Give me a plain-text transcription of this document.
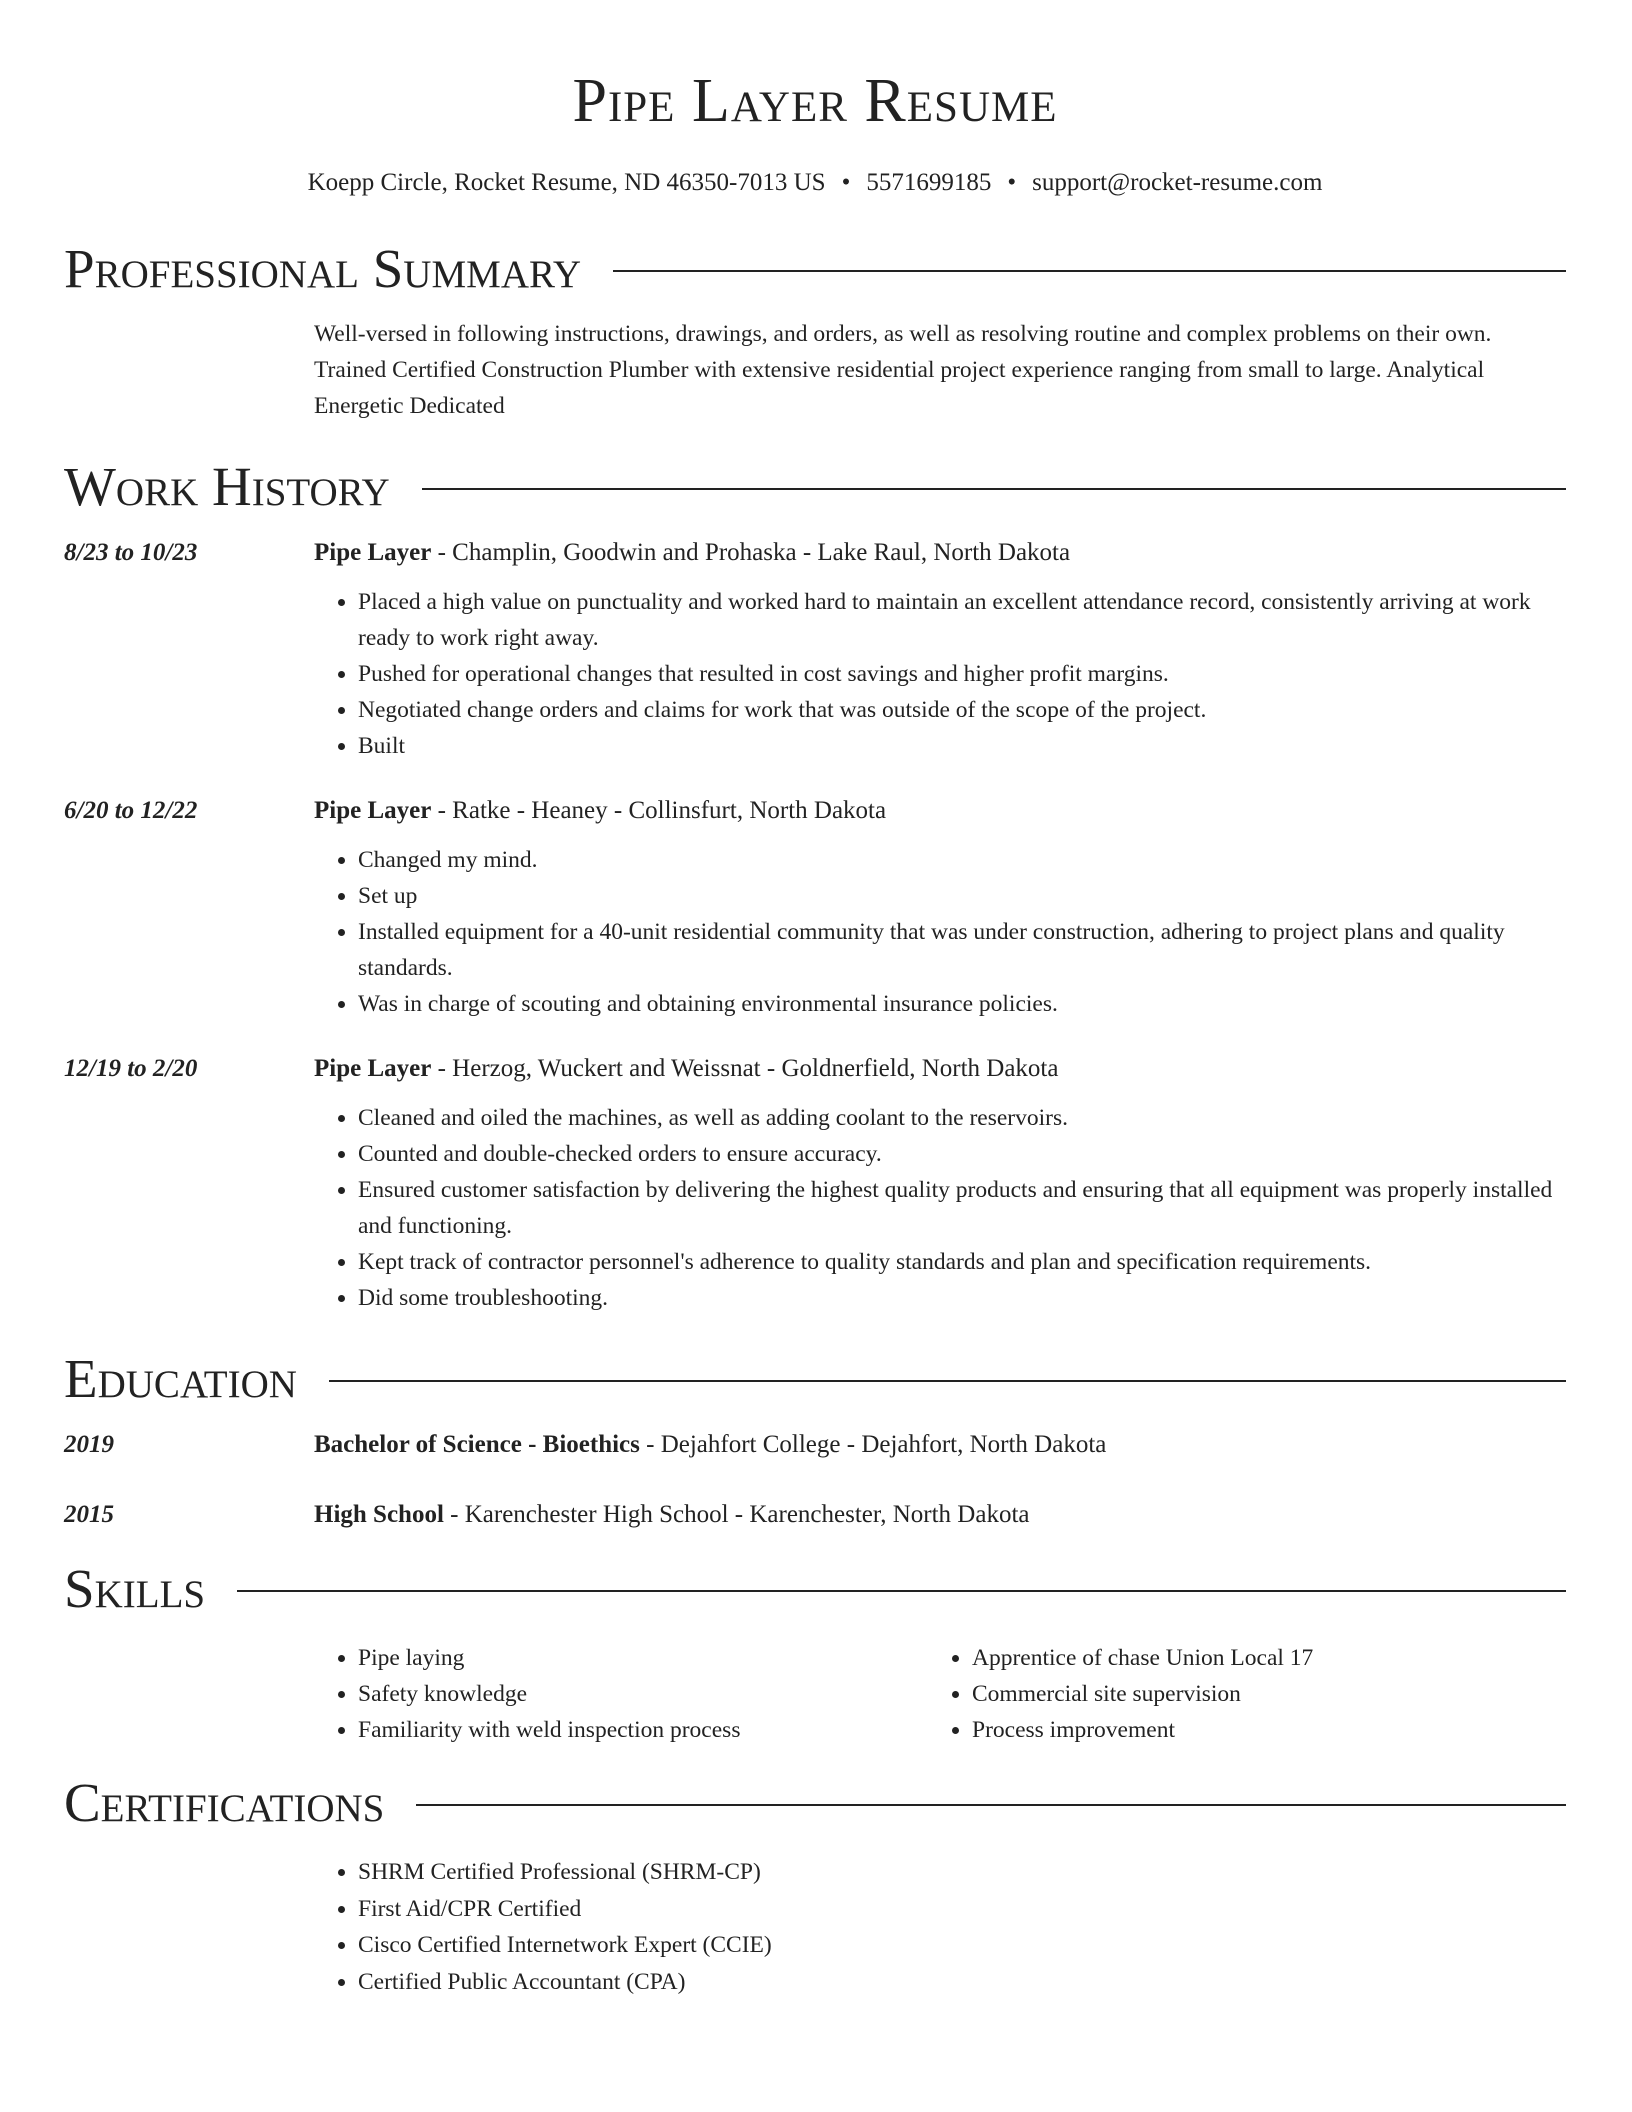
Pipe Layer Resume
Koepp Circle, Rocket Resume, ND 46350-7013 US • 5571699185 • support@rocket-resume.com
Professional Summary
Well-versed in following instructions, drawings, and orders, as well as resolving routine and complex problems on their own. Trained Certified Construction Plumber with extensive residential project experience ranging from small to large. Analytical Energetic Dedicated
Work History
8/23 to 10/23	Pipe Layer - Champlin, Goodwin and Prohaska - Lake Raul, North Dakota
• Placed a high value on punctuality and worked hard to maintain an excellent attendance record, consistently arriving at work ready to work right away.
• Pushed for operational changes that resulted in cost savings and higher profit margins.
• Negotiated change orders and claims for work that was outside of the scope of the project.
• Built
6/20 to 12/22	Pipe Layer - Ratke - Heaney - Collinsfurt, North Dakota
• Changed my mind.
• Set up
• Installed equipment for a 40-unit residential community that was under construction, adhering to project plans and quality standards.
• Was in charge of scouting and obtaining environmental insurance policies.
12/19 to 2/20	Pipe Layer - Herzog, Wuckert and Weissnat - Goldnerfield, North Dakota
• Cleaned and oiled the machines, as well as adding coolant to the reservoirs.
• Counted and double-checked orders to ensure accuracy.
• Ensured customer satisfaction by delivering the highest quality products and ensuring that all equipment was properly installed and functioning.
• Kept track of contractor personnel's adherence to quality standards and plan and specification requirements.
• Did some troubleshooting.
Education
2019	Bachelor of Science - Bioethics - Dejahfort College - Dejahfort, North Dakota
2015	High School - Karenchester High School - Karenchester, North Dakota
Skills
• Pipe laying
• Safety knowledge
• Familiarity with weld inspection process
• Apprentice of chase Union Local 17
• Commercial site supervision
• Process improvement
Certifications
• SHRM Certified Professional (SHRM-CP)
• First Aid/CPR Certified
• Cisco Certified Internetwork Expert (CCIE)
• Certified Public Accountant (CPA)
